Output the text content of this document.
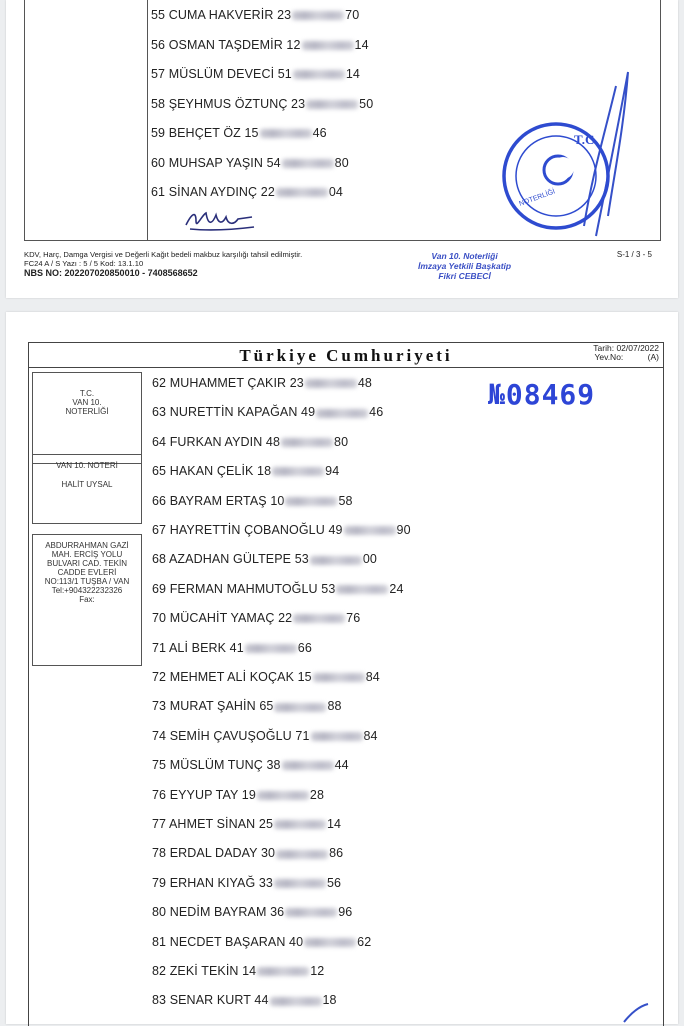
55 CUMA HAKVERİR 23	70
56 OSMAN TAŞDEMİR 12	14
57 MÜSLÜM DEVECİ 51	14
58 ŞEYHMUS ÖZTUNÇ 23	50
59 BEHÇET ÖZ 15	46
60 MUHSAP YAŞIN 54	80
61 SİNAN AYDINÇ 22	04
T.C.
NOTERLİĞİ
KDV, Harç, Damga Vergisi ve Değerli Kağıt bedeli makbuz karşılığı tahsil edilmiştir.
FC24 A / S Yazı : 5 / 5 Kod: 13.1.10
NBS NO: 202207020850010 - 7408568652
Van 10. Noterliği
İmzaya Yetkili Başkatip
Fikri CEBECİ
S-1 / 3 - 5
Türkiye Cumhuriyeti	Tarih: 02/07/2022
Yev.No:	(A)
T.C.
VAN 10.
NOTERLİĞİ
VAN 10. NOTERİ
HALİT UYSAL
ABDURRAHMAN GAZİ
MAH. ERCİŞ YOLU
BULVARI CAD. TEKİN
CADDE EVLERİ
NO:113/1 TUŞBA / VAN
Tel:+904322232326
Fax:
№08469
62 MUHAMMET ÇAKIR 23	48
63 NURETTİN KAPAĞAN 49	46
64 FURKAN AYDIN 48	80
65 HAKAN ÇELİK 18	94
66 BAYRAM ERTAŞ 10	58
67 HAYRETTİN ÇOBANOĞLU 49	90
68 AZADHAN GÜLTEPE 53	00
69 FERMAN MAHMUTOĞLU 53	24
70 MÜCAHİT YAMAÇ 22	76
71 ALİ BERK 41	66
72 MEHMET ALİ KOÇAK 15	84
73 MURAT ŞAHİN 65	88
74 SEMİH ÇAVUŞOĞLU 71	84
75 MÜSLÜM TUNÇ 38	44
76 EYYUP TAY 19	28
77 AHMET SİNAN 25	14
78 ERDAL DADAY 30	86
79 ERHAN KIYAĞ 33	56
80 NEDİM BAYRAM 36	96
81 NECDET BAŞARAN 40	62
82 ZEKİ TEKİN 14	12
83 SENAR KURT 44	18
